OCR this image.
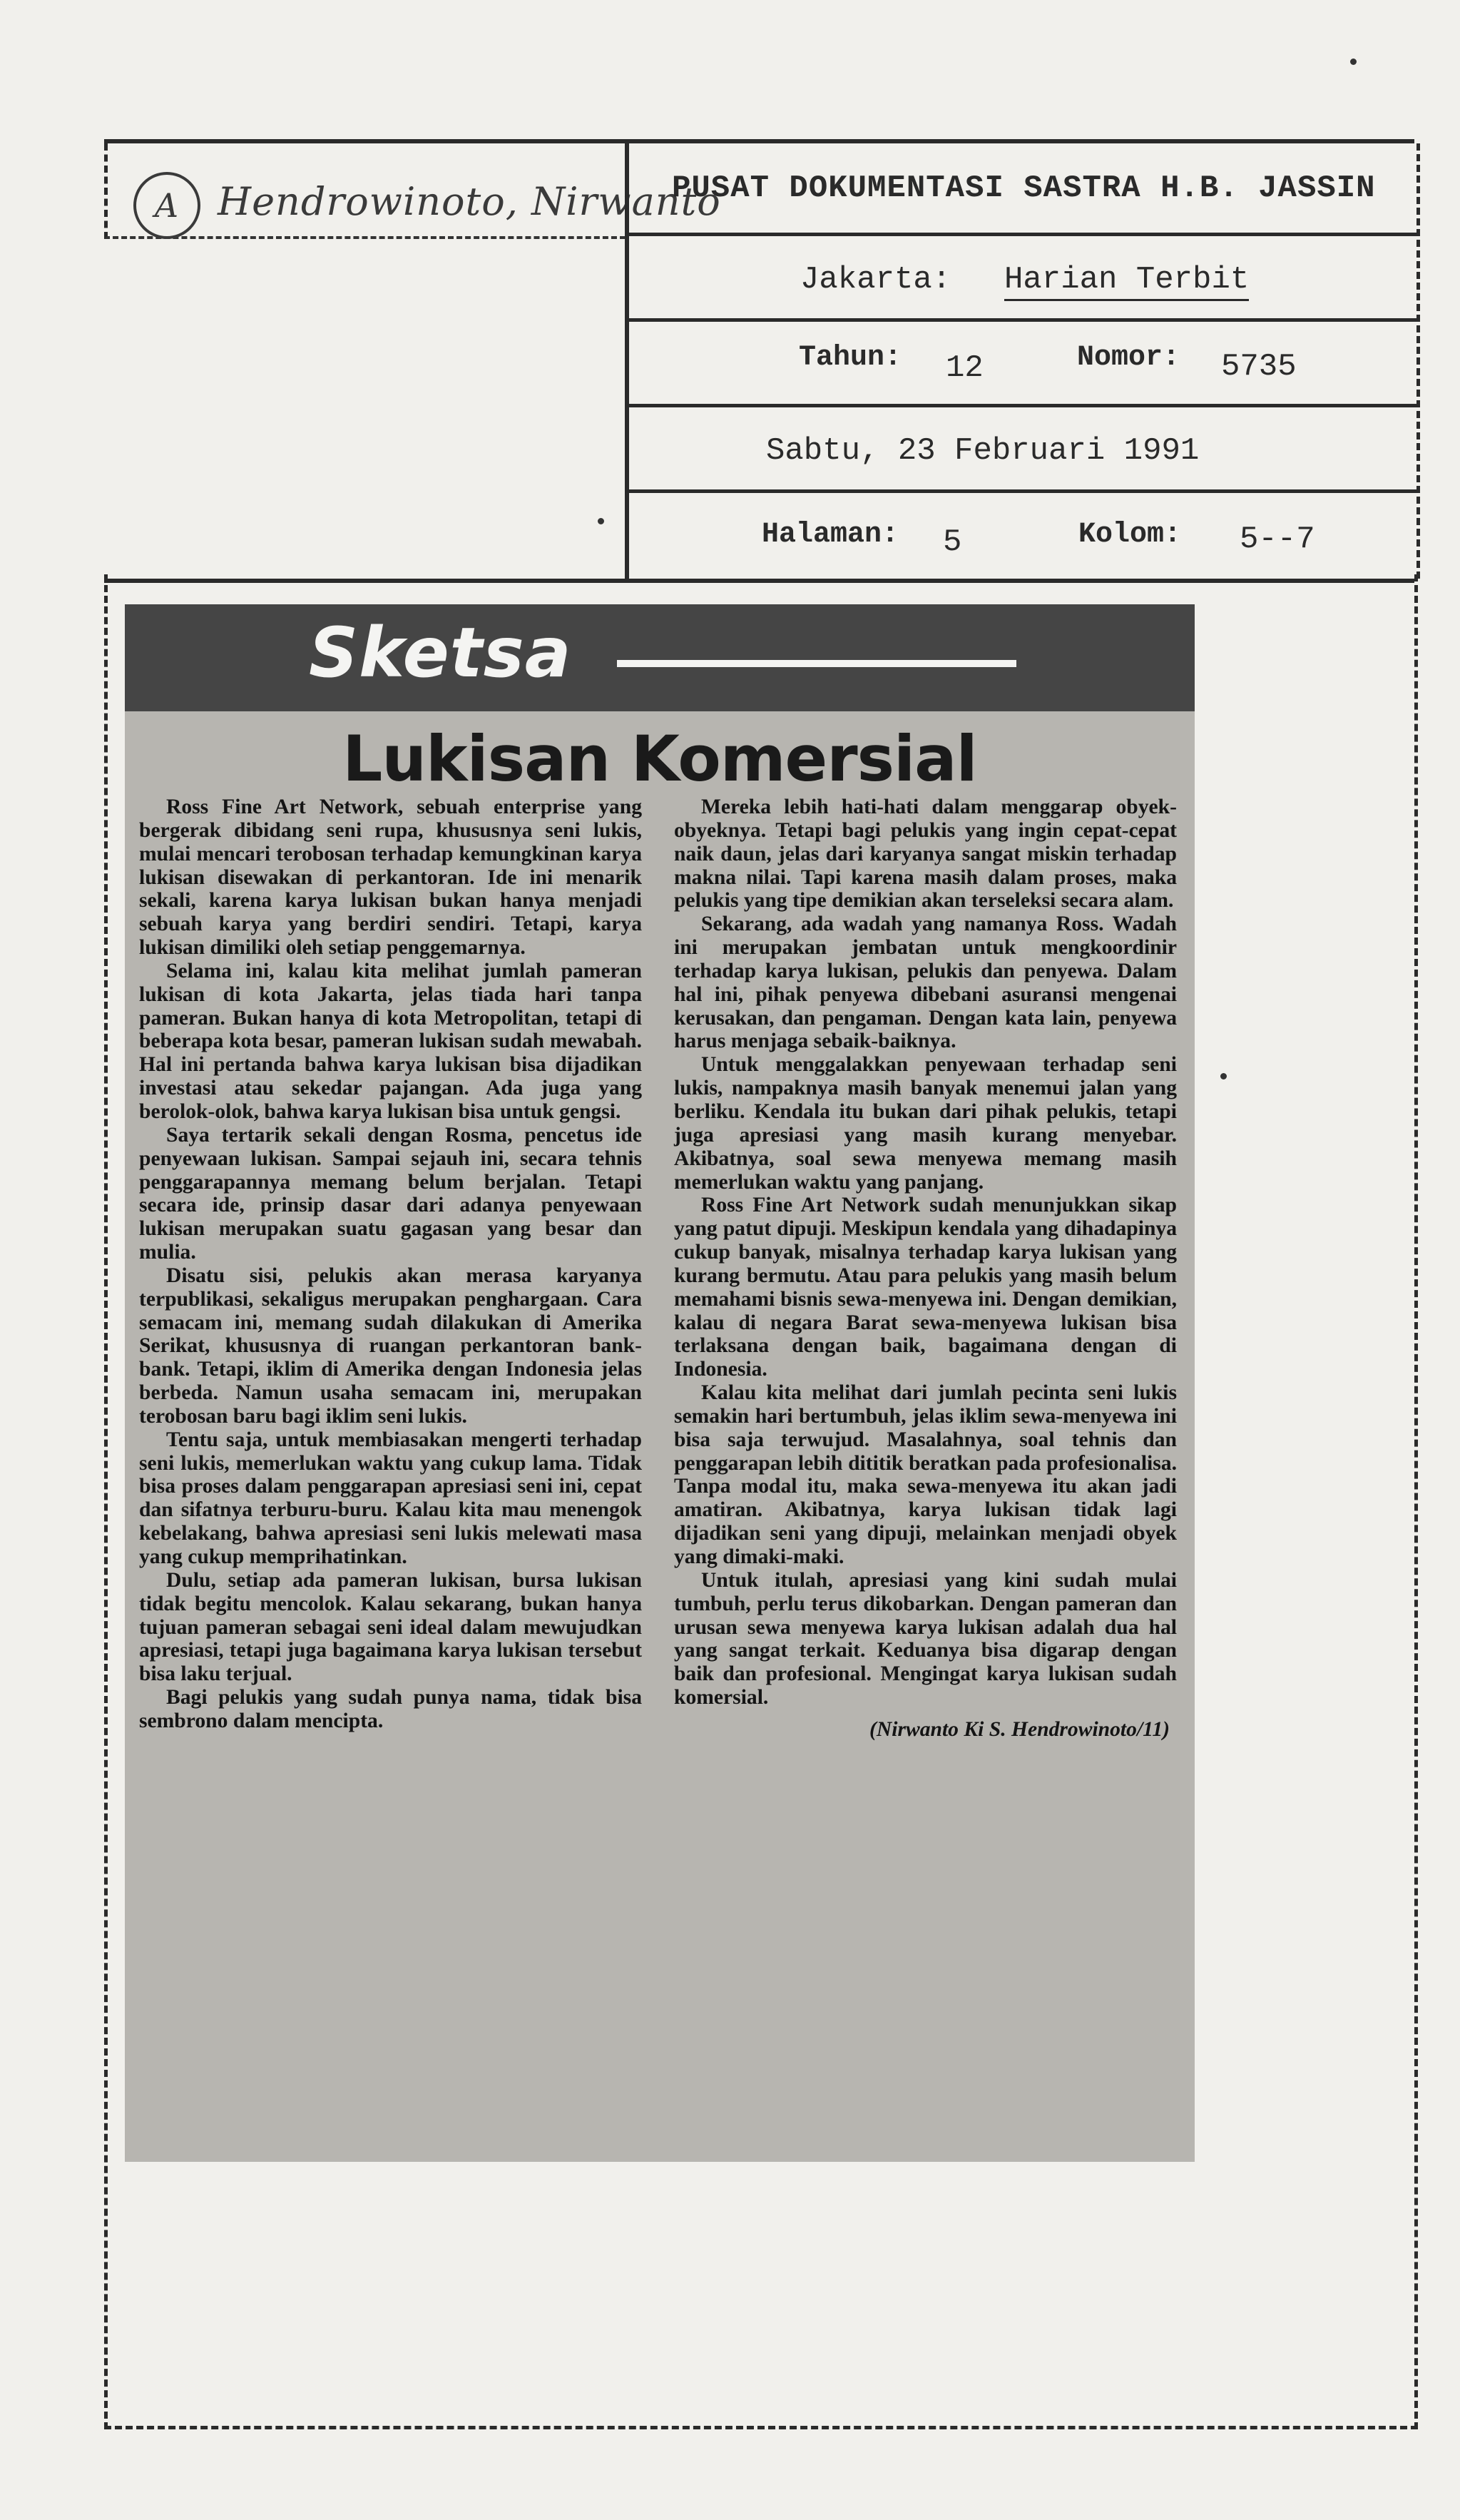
A Hendrowinoto, Nirwanto
PUSAT DOKUMENTASI SASTRA H.B. JASSIN
Jakarta: Harian Terbit
Tahun: 12	Nomor: 5735
Sabtu, 23 Februari 1991
Halaman: 5	Kolom: 5--7
Sketsa
Lukisan Komersial

Ross Fine Art Network, sebuah enterprise yang bergerak dibidang seni rupa, khususnya seni lukis, mulai mencari terobosan terhadap kemungkinan karya lukisan disewakan di perkantoran. Ide ini menarik sekali, karena karya lukisan bukan hanya menjadi sebuah karya yang berdiri sendiri. Tetapi, karya lukisan dimiliki oleh setiap penggemarnya.

Selama ini, kalau kita melihat jumlah pameran lukisan di kota Jakarta, jelas tiada hari tanpa pameran. Bukan hanya di kota Metropolitan, tetapi di beberapa kota besar, pameran lukisan sudah mewabah. Hal ini pertanda bahwa karya lukisan bisa dijadikan investasi atau sekedar pajangan. Ada juga yang berolok-olok, bahwa karya lukisan bisa untuk gengsi.

Saya tertarik sekali dengan Rosma, pencetus ide penyewaan lukisan. Sampai sejauh ini, secara tehnis penggarapannya memang belum berjalan. Tetapi secara ide, prinsip dasar dari adanya penyewaan lukisan merupakan suatu gagasan yang besar dan mulia.

Disatu sisi, pelukis akan merasa karyanya terpublikasi, sekaligus merupakan penghargaan. Cara semacam ini, memang sudah dilakukan di Amerika Serikat, khususnya di ruangan perkantoran bank-bank. Tetapi, iklim di Amerika dengan Indonesia jelas berbeda. Namun usaha semacam ini, merupakan terobosan baru bagi iklim seni lukis.

Tentu saja, untuk membiasakan mengerti terhadap seni lukis, memerlukan waktu yang cukup lama. Tidak bisa proses dalam penggarapan apresiasi seni ini, cepat dan sifatnya terburu-buru. Kalau kita mau menengok kebelakang, bahwa apresiasi seni lukis melewati masa yang cukup memprihatinkan.

Dulu, setiap ada pameran lukisan, bursa lukisan tidak begitu mencolok. Kalau sekarang, bukan hanya tujuan pameran sebagai seni ideal dalam mewujudkan apresiasi, tetapi juga bagaimana karya lukisan tersebut bisa laku terjual.

Bagi pelukis yang sudah punya nama, tidak bisa sembrono dalam mencipta.

Mereka lebih hati-hati dalam menggarap obyek-obyeknya. Tetapi bagi pelukis yang ingin cepat-cepat naik daun, jelas dari karyanya sangat miskin terhadap makna nilai. Tapi karena masih dalam proses, maka pelukis yang tipe demikian akan terseleksi secara alam.

Sekarang, ada wadah yang namanya Ross. Wadah ini merupakan jembatan untuk mengkoordinir terhadap karya lukisan, pelukis dan penyewa. Dalam hal ini, pihak penyewa dibebani asuransi mengenai kerusakan, dan pengaman. Dengan kata lain, penyewa harus menjaga sebaik-baiknya.

Untuk menggalakkan penyewaan terhadap seni lukis, nampaknya masih banyak menemui jalan yang berliku. Kendala itu bukan dari pihak pelukis, tetapi juga apresiasi yang masih kurang menyebar. Akibatnya, soal sewa menyewa memang masih memerlukan waktu yang panjang.

Ross Fine Art Network sudah menunjukkan sikap yang patut dipuji. Meskipun kendala yang dihadapinya cukup banyak, misalnya terhadap karya lukisan yang kurang bermutu. Atau para pelukis yang masih belum memahami bisnis sewa-menyewa ini. Dengan demikian, kalau di negara Barat sewa-menyewa lukisan bisa terlaksana dengan baik, bagaimana dengan di Indonesia.

Kalau kita melihat dari jumlah pecinta seni lukis semakin hari bertumbuh, jelas iklim sewa-menyewa ini bisa saja terwujud. Masalahnya, soal tehnis dan penggarapan lebih dititik beratkan pada profesionalisa. Tanpa modal itu, maka sewa-menyewa itu akan jadi amatiran. Akibatnya, karya lukisan tidak lagi dijadikan seni yang dipuji, melainkan menjadi obyek yang dimaki-maki.

Untuk itulah, apresiasi yang kini sudah mulai tumbuh, perlu terus dikobarkan. Dengan pameran dan urusan sewa menyewa karya lukisan adalah dua hal yang sangat terkait. Keduanya bisa digarap dengan baik dan profesional. Mengingat karya lukisan sudah komersial.

(Nirwanto Ki S. Hendrowinoto/11)
